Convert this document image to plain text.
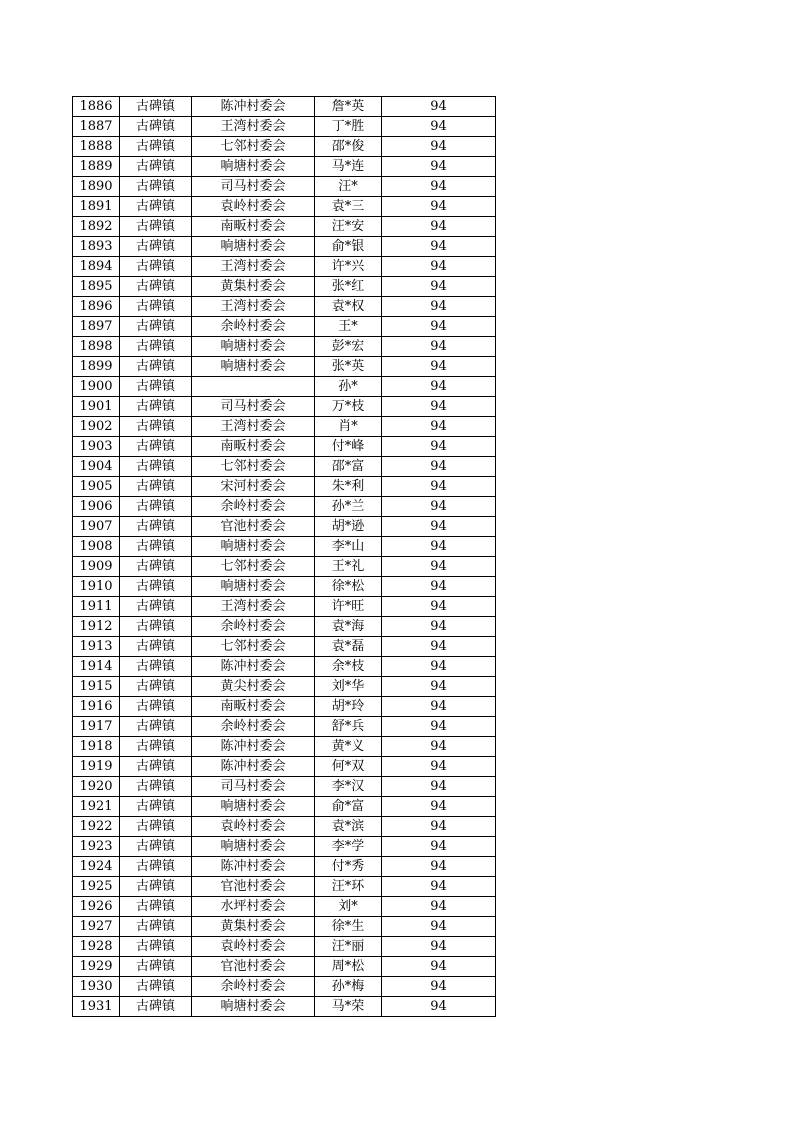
1886	古碑镇	陈冲村委会	詹*英	94
1887	古碑镇	王湾村委会	丁*胜	94
1888	古碑镇	七邻村委会	邵*俊	94
1889	古碑镇	响塘村委会	马*连	94
1890	古碑镇	司马村委会	汪*	94
1891	古碑镇	袁岭村委会	袁*三	94
1892	古碑镇	南畈村委会	汪*安	94
1893	古碑镇	响塘村委会	俞*银	94
1894	古碑镇	王湾村委会	许*兴	94
1895	古碑镇	黄集村委会	张*红	94
1896	古碑镇	王湾村委会	袁*权	94
1897	古碑镇	余岭村委会	王*	94
1898	古碑镇	响塘村委会	彭*宏	94
1899	古碑镇	响塘村委会	张*英	94
1900	古碑镇		孙*	94
1901	古碑镇	司马村委会	万*枝	94
1902	古碑镇	王湾村委会	肖*	94
1903	古碑镇	南畈村委会	付*峰	94
1904	古碑镇	七邻村委会	邵*富	94
1905	古碑镇	宋河村委会	朱*利	94
1906	古碑镇	余岭村委会	孙*兰	94
1907	古碑镇	官池村委会	胡*逊	94
1908	古碑镇	响塘村委会	李*山	94
1909	古碑镇	七邻村委会	王*礼	94
1910	古碑镇	响塘村委会	徐*松	94
1911	古碑镇	王湾村委会	许*旺	94
1912	古碑镇	余岭村委会	袁*海	94
1913	古碑镇	七邻村委会	袁*磊	94
1914	古碑镇	陈冲村委会	余*枝	94
1915	古碑镇	黄尖村委会	刘*华	94
1916	古碑镇	南畈村委会	胡*玲	94
1917	古碑镇	余岭村委会	舒*兵	94
1918	古碑镇	陈冲村委会	黄*义	94
1919	古碑镇	陈冲村委会	何*双	94
1920	古碑镇	司马村委会	李*汉	94
1921	古碑镇	响塘村委会	俞*富	94
1922	古碑镇	袁岭村委会	袁*滨	94
1923	古碑镇	响塘村委会	李*学	94
1924	古碑镇	陈冲村委会	付*秀	94
1925	古碑镇	官池村委会	汪*环	94
1926	古碑镇	水坪村委会	刘*	94
1927	古碑镇	黄集村委会	徐*生	94
1928	古碑镇	袁岭村委会	汪*丽	94
1929	古碑镇	官池村委会	周*松	94
1930	古碑镇	余岭村委会	孙*梅	94
1931	古碑镇	响塘村委会	马*荣	94
